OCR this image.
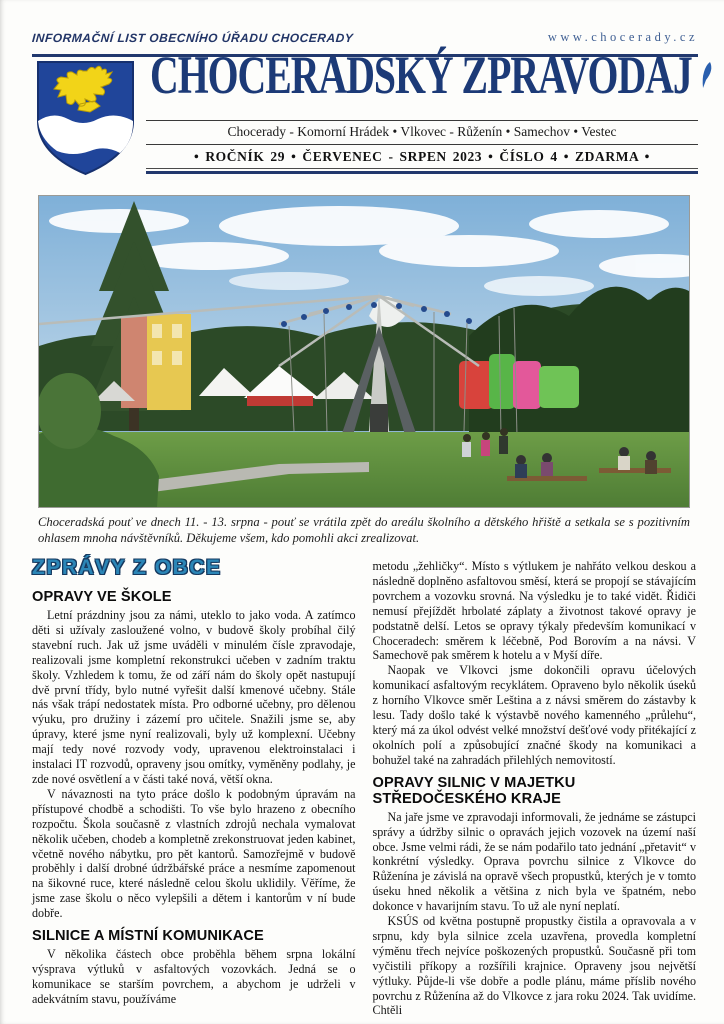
INFORMAČNÍ LIST OBECNÍHO ÚŘADU CHOCERADY	www.chocerady.cz
CHOCERADSKÝ ZPRAVODAJ
Chocerady - Komorní Hrádek • Vlkovec - Růženín • Samechov • Vestec
• ROČNÍK 29 • ČERVENEC - SRPEN 2023 • ČÍSLO 4 • ZDARMA •
Choceradská pouť ve dnech 11. - 13. srpna - pouť se vrátila zpět do areálu školního a dětského hřiště a setkala se s pozitivním ohlasem mnoha návštěvníků. Děkujeme všem, kdo pomohli akci zrealizovat.
ZPRÁVY Z OBCE
OPRAVY VE ŠKOLE

Letní prázdniny jsou za námi, uteklo to jako voda. A zatímco děti si užívaly zasloužené volno, v budově školy probíhal čilý stavební ruch. Jak už jsme uváděli v minulém čísle zpravodaje, realizovali jsme kompletní rekonstrukci učeben v zadním traktu školy. Vzhledem k tomu, že od září nám do školy opět nastupují dvě první třídy, bylo nutné vyřešit další kmenové učebny. Stále nás však trápí nedostatek místa. Pro odborné učebny, pro dělenou výuku, pro družiny i zázemí pro učitele. Snažili jsme se, aby úpravy, které jsme nyní realizovali, byly už komplexní. Učebny mají tedy nové rozvody vody, upravenou elektroinstalaci i instalaci IT rozvodů, opraveny jsou omítky, vyměněny podlahy, je zde nové osvětlení a v části také nová, větší okna.

V návaznosti na tyto práce došlo k podobným úpravám na přístupové chodbě a schodišti. To vše bylo hrazeno z obecního rozpočtu. Škola současně z vlastních zdrojů nechala vymalovat několik učeben, chodeb a kompletně zrekonstruovat jeden kabinet, včetně nového nábytku, pro pět kantorů. Samozřejmě v budově proběhly i další drobné údržbářské práce a nesmíme zapomenout na šikovné ruce, které následně celou školu uklidily. Věříme, že jsme zase školu o něco vylepšili a dětem i kantorům v ní bude dobře.

SILNICE A MÍSTNÍ KOMUNIKACE

V několika částech obce proběhla během srpna lokální výsprava výtluků v asfaltových vozovkách. Jedná se o komunikace se starším povrchem, a abychom je udrželi v adekvátním stavu, používáme

metodu „žehličky“. Místo s výtlukem je nahřáto velkou deskou a následně doplněno asfaltovou směsí, která se propojí se stávajícím povrchem a vozovku srovná. Na výsledku je to také vidět. Řidiči nemusí přejíždět hrbolaté záplaty a životnost takové opravy je podstatně delší. Letos se opravy týkaly především komunikací v Choceradech: směrem k léčebně, Pod Borovím a na návsi. V Samechově pak směrem k hotelu a v Myší díře.

Naopak ve Vlkovci jsme dokončili opravu účelových komunikací asfaltovým recyklátem. Opraveno bylo několik úseků z horního Vlkovce směr Leština a z návsi směrem do zástavby k lesu. Tady došlo také k výstavbě nového kamenného „průlehu“, který má za úkol odvést velké množství dešťové vody přitékající z okolních polí a způsobující značné škody na komunikaci a bohužel také na zahradách přilehlých nemovitostí.

OPRAVY SILNIC V MAJETKU STŘEDOČESKÉHO KRAJE

Na jaře jsme ve zpravodaji informovali, že jednáme se zástupci správy a údržby silnic o opravách jejich vozovek na území naší obce. Jsme velmi rádi, že se nám podařilo tato jednání „přetavit“ v konkrétní výsledky. Oprava povrchu silnice z Vlkovce do Růženína je závislá na opravě všech propustků, kterých je v tomto úseku hned několik a většina z nich byla ve špatném, nebo dokonce v havarijním stavu. To už ale nyní neplatí.

KSÚS od května postupně propustky čistila a opravovala a v srpnu, kdy byla silnice zcela uzavřena, provedla kompletní výměnu třech nejvíce poškozených propustků. Současně při tom vyčistili příkopy a rozšířili krajnice. Opraveny jsou největší výtluky. Půjde-li vše dobře a podle plánu, máme příslib nového povrchu z Růženína až do Vlkovce z jara roku 2024. Tak uvidíme. Chtěli
